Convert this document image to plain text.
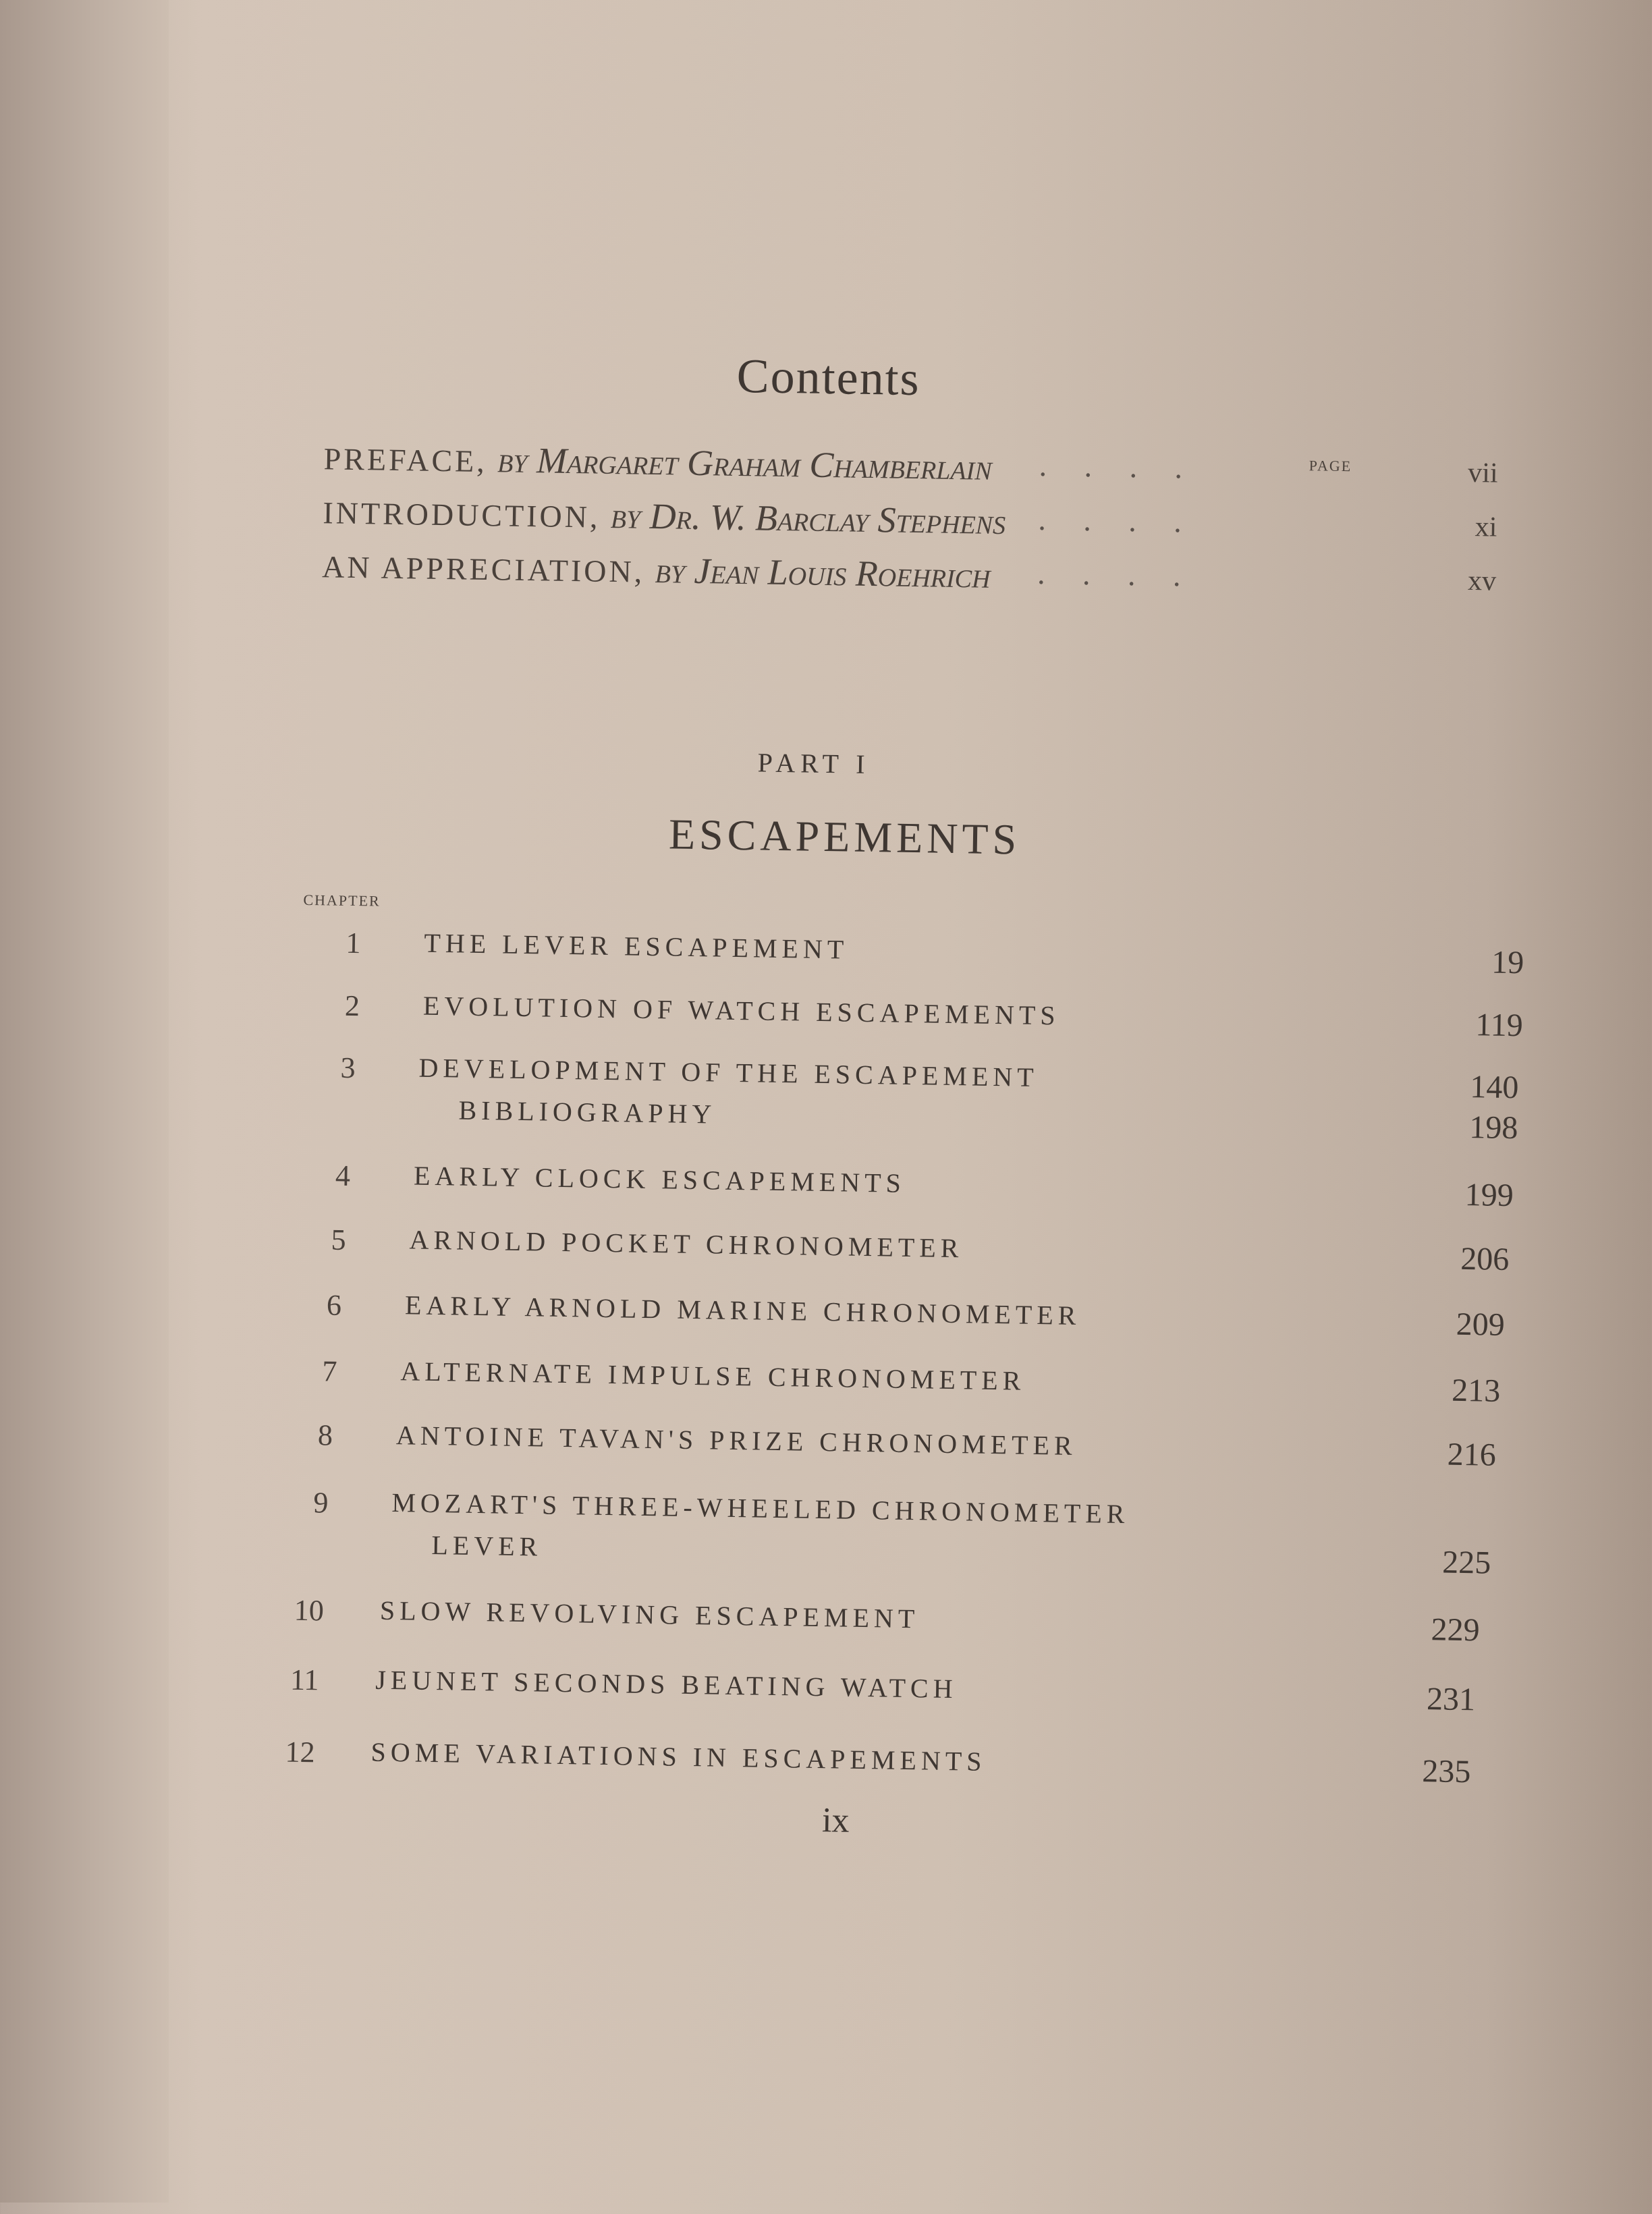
Contents
PAGE
PREFACE, by Margaret Graham Chamberlain . . . .	vii
INTRODUCTION, by Dr. W. Barclay Stephens . . . .	xi
AN APPRECIATION, by Jean Louis Roehrich . . . .	xv
PART I
ESCAPEMENTS
CHAPTER
1	THE LEVER ESCAPEMENT	19
2	EVOLUTION OF WATCH ESCAPEMENTS	119
3	DEVELOPMENT OF THE ESCAPEMENT	140
BIBLIOGRAPHY	198
4	EARLY CLOCK ESCAPEMENTS	199
5	ARNOLD POCKET CHRONOMETER	206
6	EARLY ARNOLD MARINE CHRONOMETER	209
7	ALTERNATE IMPULSE CHRONOMETER	213
8	ANTOINE TAVAN'S PRIZE CHRONOMETER	216
9	MOZART'S THREE-WHEELED CHRONOMETER
LEVER	225
10	SLOW REVOLVING ESCAPEMENT	229
11	JEUNET SECONDS BEATING WATCH	231
12	SOME VARIATIONS IN ESCAPEMENTS	235
ix
